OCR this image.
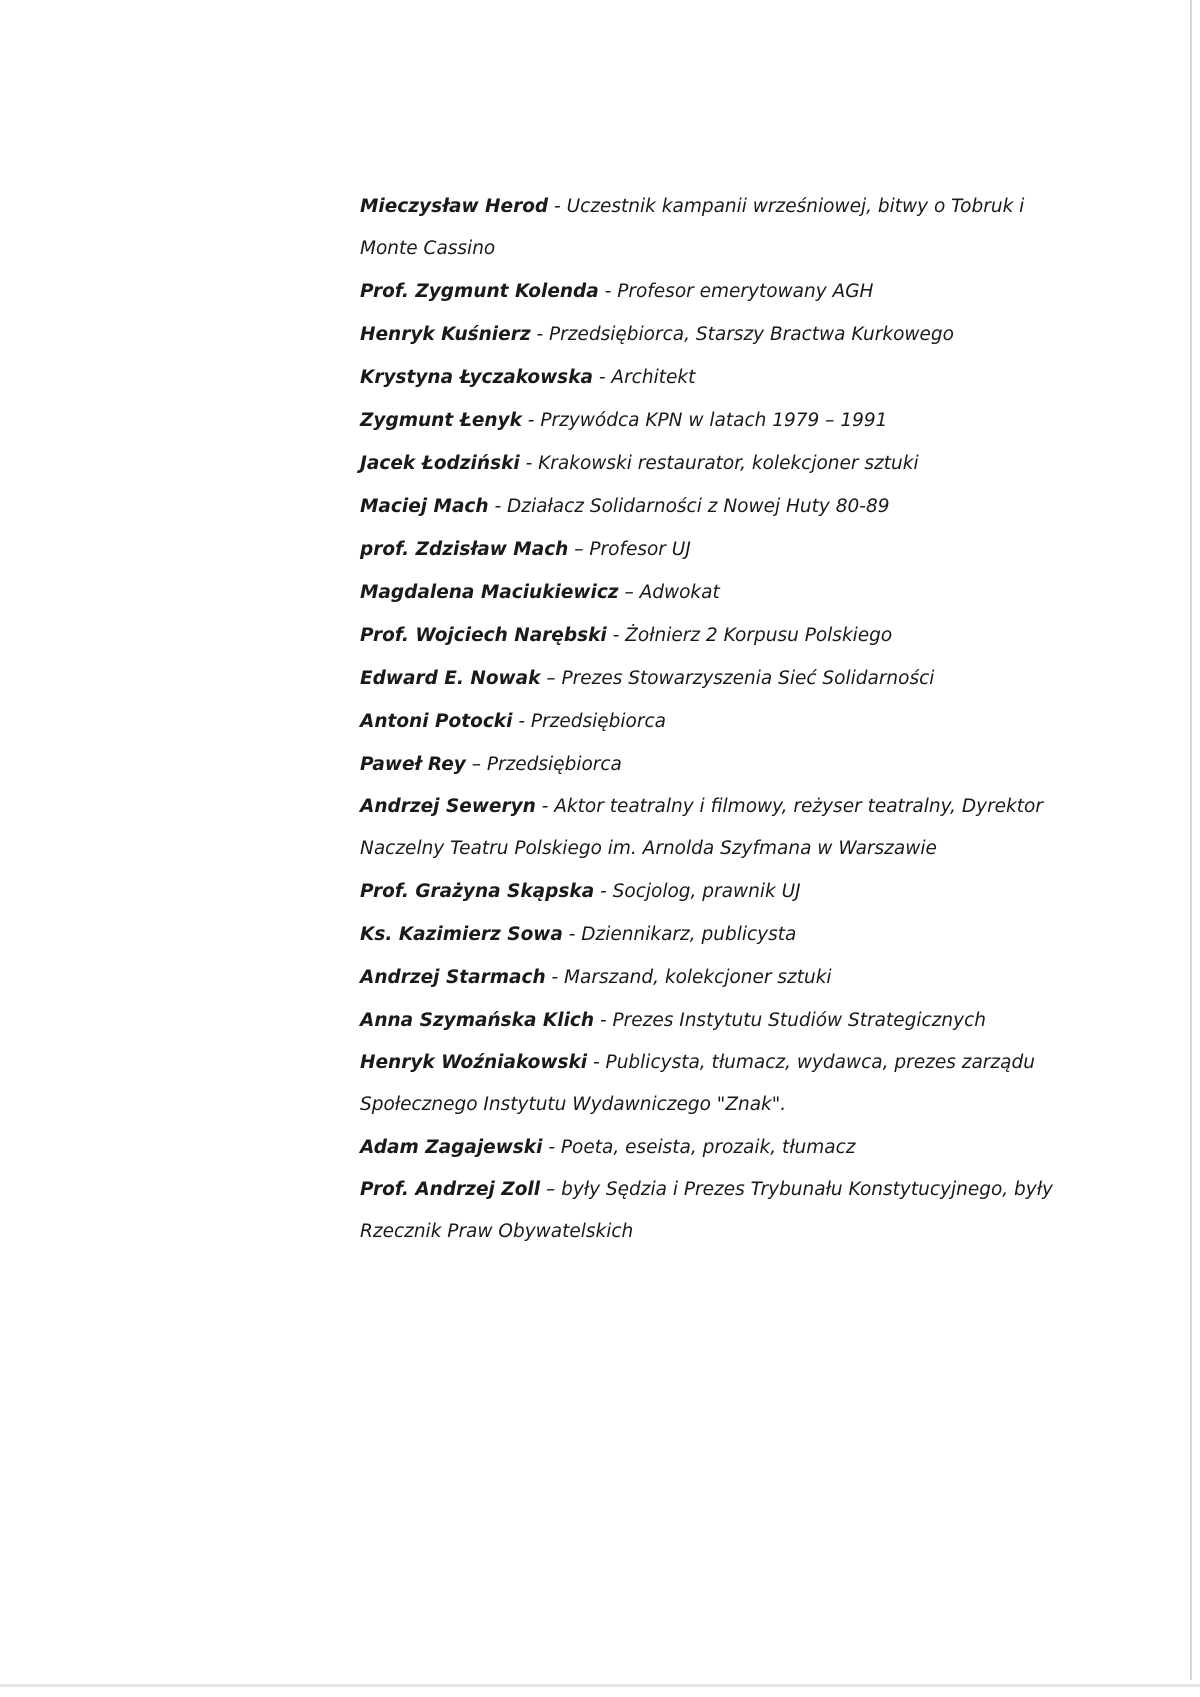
Mieczysław Herod - Uczestnik kampanii wrześniowej, bitwy o Tobruk i Monte Cassino

Prof. Zygmunt Kolenda - Profesor emerytowany AGH

Henryk Kuśnierz - Przedsiębiorca, Starszy Bractwa Kurkowego

Krystyna Łyczakowska - Architekt

Zygmunt Łenyk - Przywódca KPN w latach 1979 – 1991

Jacek Łodziński - Krakowski restaurator, kolekcjoner sztuki

Maciej Mach - Działacz Solidarności z Nowej Huty 80-89

prof. Zdzisław Mach – Profesor UJ

Magdalena Maciukiewicz – Adwokat

Prof. Wojciech Narębski - Żołnierz 2 Korpusu Polskiego

Edward E. Nowak – Prezes Stowarzyszenia Sieć Solidarności

Antoni Potocki - Przedsiębiorca

Paweł Rey – Przedsiębiorca

Andrzej Seweryn - Aktor teatralny i filmowy, reżyser teatralny, Dyrektor Naczelny Teatru Polskiego im. Arnolda Szyfmana w Warszawie

Prof. Grażyna Skąpska - Socjolog, prawnik UJ

Ks. Kazimierz Sowa - Dziennikarz, publicysta

Andrzej Starmach - Marszand, kolekcjoner sztuki

Anna Szymańska Klich - Prezes Instytutu Studiów Strategicznych

Henryk Woźniakowski - Publicysta, tłumacz, wydawca, prezes zarządu Społecznego Instytutu Wydawniczego "Znak".

Adam Zagajewski - Poeta, eseista, prozaik, tłumacz

Prof. Andrzej Zoll – były Sędzia i Prezes Trybunału Konstytucyjnego, były Rzecznik Praw Obywatelskich
